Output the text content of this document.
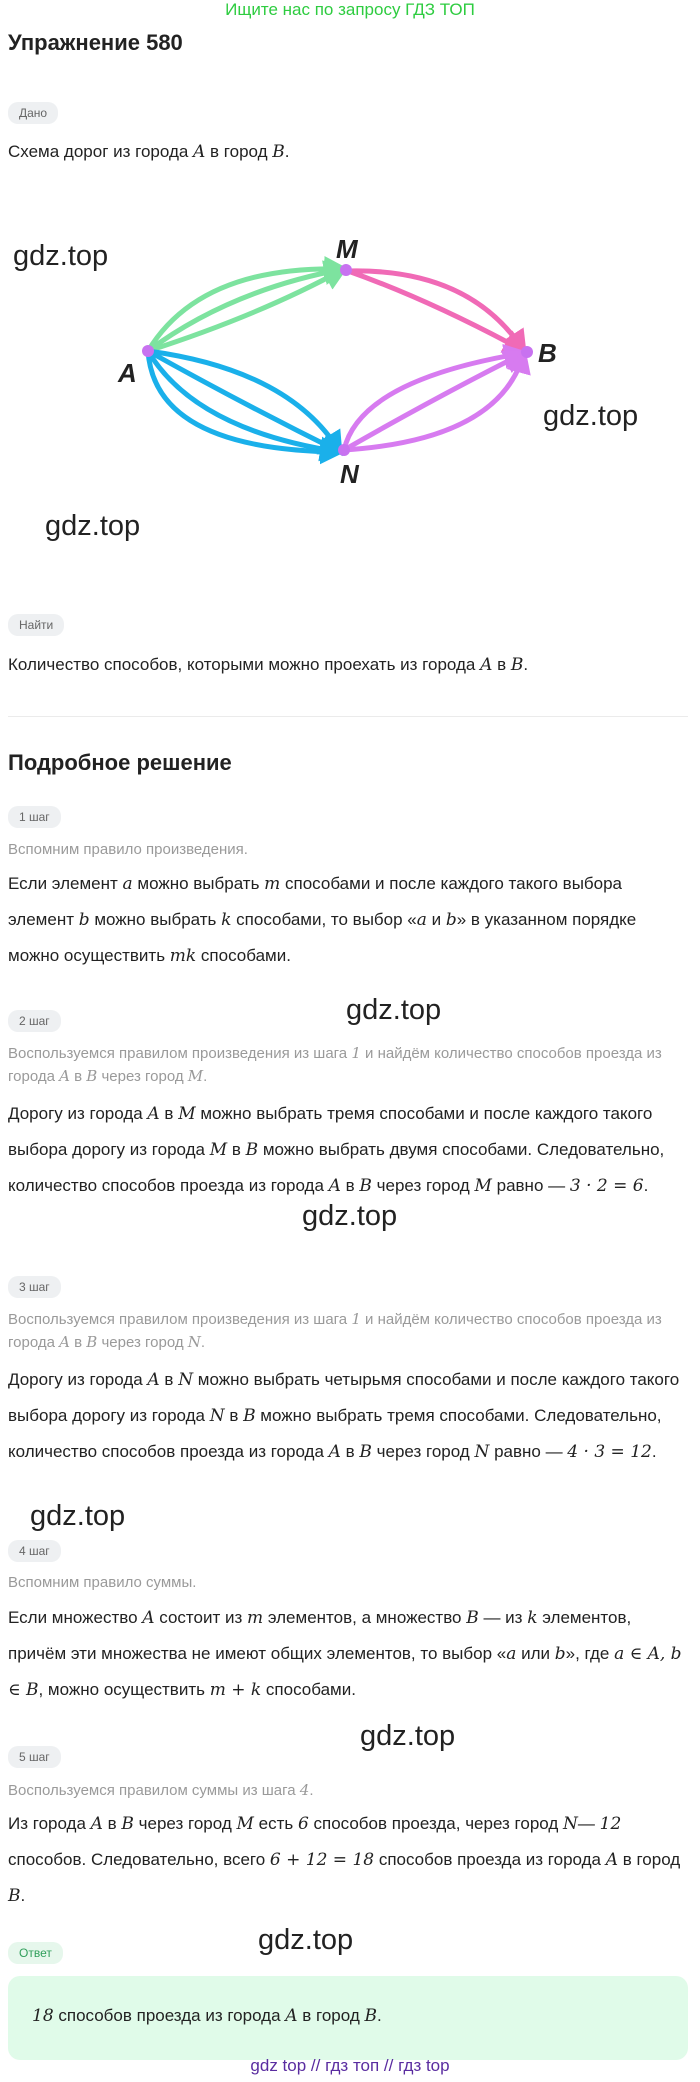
Ищите нас по запросу ГДЗ ТОП
Упражнение 580
Дано
Схема дорог из города A в город B.
A
M
B
N
Найти
Количество способов, которыми можно проехать из города A в B.
Подробное решение
1 шаг
Вспомним правило произведения.
Если элемент a можно выбрать m способами и после каждого такого выбора элемент b можно выбрать k способами, то выбор «a и b» в указанном порядке можно осуществить mk способами.
2 шаг
Воспользуемся правилом произведения из шага 1 и найдём количество способов проезда из города A в B через город M.
Дорогу из города A в M можно выбрать тремя способами и после каждого такого выбора дорогу из города M в B можно выбрать двумя способами. Следовательно, количество способов проезда из города A в B через город M равно — 3 · 2 = 6.
3 шаг
Воспользуемся правилом произведения из шага 1 и найдём количество способов проезда из города A в B через город N.
Дорогу из города A в N можно выбрать четырьмя способами и после каждого такого выбора дорогу из города N в B можно выбрать тремя способами. Следовательно, количество способов проезда из города A в B через город N равно — 4 · 3 = 12.
4 шаг
Вспомним правило суммы.
Если множество A состоит из m элементов, а множество B — из k элементов, причём эти множества не имеют общих элементов, то выбор «a или b», где a ∈ A, b ∈ B, можно осуществить m + k способами.
5 шаг
Воспользуемся правилом суммы из шага 4.
Из города A в B через город M есть 6 способов проезда, через город N— 12 способов. Следовательно, всего 6 + 12 = 18 способов проезда из города A в город B.
Ответ
18 способов проезда из города A в город B.
gdz.top
gdz.top
gdz.top
gdz.top
gdz.top
gdz.top
gdz.top
gdz.top
gdz top // гдз топ // гдз top
